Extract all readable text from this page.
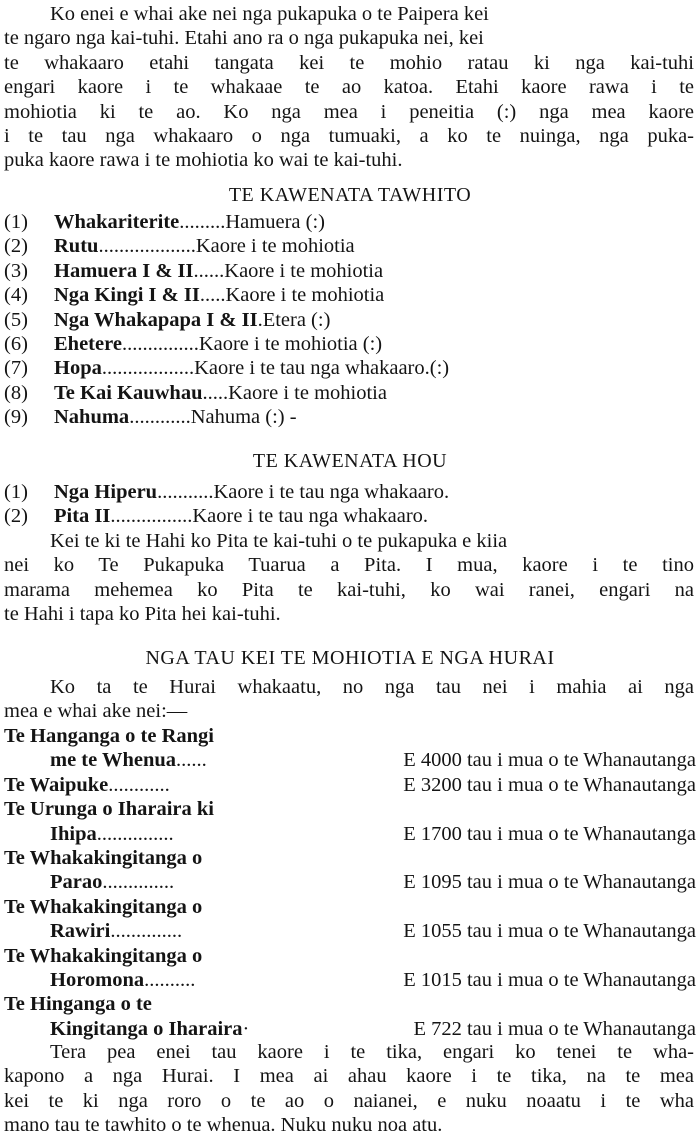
Ko enei e whai ake nei nga pukapuka o te Paipera kei
te ngaro nga kai-tuhi. Etahi ano ra o nga pukapuka nei, kei
te whakaaro etahi tangata kei te mohio ratau ki nga kai-tuhi
engari kaore i te whakaae te ao katoa. Etahi kaore rawa i te
mohiotia ki te ao. Ko nga mea i peneitia (:) nga mea kaore
i te tau nga whakaaro o nga tumuaki, a ko te nuinga, nga puka-
puka kaore rawa i te mohiotia ko wai te kai-tuhi.
TE KAWENATA TAWHITO
(1)	Whakariterite ......... Hamuera (:)
(2)	Rutu ................... Kaore i te mohiotia
(3)	Hamuera I & II ...... Kaore i te mohiotia
(4)	Nga Kingi I & II ..... Kaore i te mohiotia
(5)	Nga Whakapapa I & II . Etera (:)
(6)	Ehetere ............... Kaore i te mohiotia (:)
(7)	Hopa .................. Kaore i te tau nga whakaaro.(:)
(8)	Te Kai Kauwhau ..... Kaore i te mohiotia
(9)	Nahuma ............ Nahuma (:) -
TE KAWENATA HOU
(1)	Nga Hiperu ........... Kaore i te tau nga whakaaro.
(2)	Pita II ................ Kaore i te tau nga whakaaro.
Kei te ki te Hahi ko Pita te kai-tuhi o te pukapuka e kiia
nei ko Te Pukapuka Tuarua a Pita. I mua, kaore i te tino
marama mehemea ko Pita te kai-tuhi, ko wai ranei, engari na
te Hahi i tapa ko Pita hei kai-tuhi.
NGA TAU KEI TE MOHIOTIA E NGA HURAI
Ko ta te Hurai whakaatu, no nga tau nei i mahia ai nga
mea e whai ake nei:—
Te Hanganga o te Rangi
me te Whenua......	E 4000 tau i mua o te Whanautanga
Te Waipuke............	E 3200 tau i mua o te Whanautanga
Te Urunga o Iharaira ki
Ihipa...............	E 1700 tau i mua o te Whanautanga
Te Whakakingitanga o
Parao..............	E 1095 tau i mua o te Whanautanga
Te Whakakingitanga o
Rawiri..............	E 1055 tau i mua o te Whanautanga
Te Whakakingitanga o
Horomona..........	E 1015 tau i mua o te Whanautanga
Te Hinganga o te
Kingitanga o Iharaira·	E 722 tau i mua o te Whanautanga
Tera pea enei tau kaore i te tika, engari ko tenei te wha-
kapono a nga Hurai. I mea ai ahau kaore i te tika, na te mea
kei te ki nga roro o te ao o naianei, e nuku noaatu i te wha
mano tau te tawhito o te whenua. Nuku nuku noa atu.
